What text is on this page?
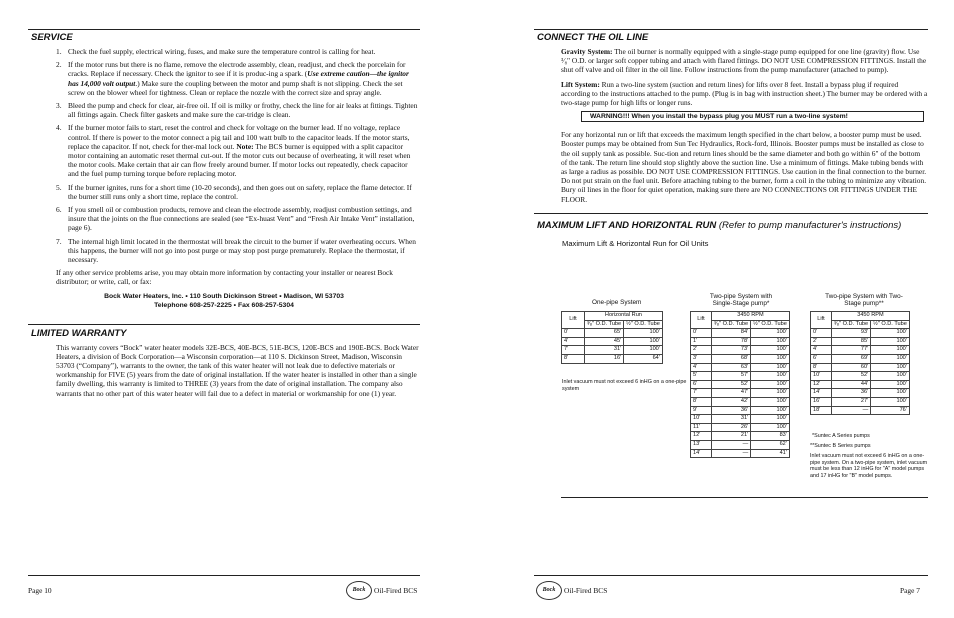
SERVICE
1. Check the fuel supply, electrical wiring, fuses, and make sure the temperature control is calling for heat.
2. If the motor runs but there is no flame, remove the electrode assembly, clean, readjust, and check the porcelain for cracks. Replace if necessary. Check the ignitor to see if it is produc-ing a spark. (Use extreme caution—the ignitor has 14,000 volt output.) Make sure the coupling between the motor and pump shaft is not slipping. Check the set screw on the blower wheel for tightness. Clean or replace the nozzle with the correct size and spray angle.
3. Bleed the pump and check for clear, air-free oil. If oil is milky or frothy, check the line for air leaks at fittings. Tighten all fittings again. Check filter gaskets and make sure the car-tridge is clean.
4. If the burner motor fails to start, reset the control and check for voltage on the burner lead. If no voltage, replace control. If there is power to the motor connect a pig tail and 100 watt bulb to the capacitor leads. If the motor starts, replace the capacitor. If not, check for ther-mal lock out. Note: The BCS burner is equipped with a split capacitor motor containing an automatic reset thermal cut-out. If the motor cuts out because of overheating, it will reset when the motor cools. Make certain that air can flow freely around burner. If motor locks out repeatedly, check capacitor and the fuel pump turning torque before replacing motor.
5. If the burner ignites, runs for a short time (10-20 seconds), and then goes out on safety, replace the flame detector. If the burner still runs only a short time, replace the control.
6. If you smell oil or combustion products, remove and clean the electrode assembly, readjust combustion settings, and insure that the joints on the flue connections are sealed (see “Ex-huast Vent” and “Fresh Air Intake Vent” installation, page 6).
7. The internal high limit located in the thermostat will break the circuit to the burner if water overheating occurs. When this happens, the burner will not go into post purge or may stop post purge prematurely. Replace the thermostat, if necessary.

If any other service problems arise, you may obtain more information by contacting your installer or nearest Bock distributor; or write, call, or fax:

Bock Water Heaters, Inc. • 110 South Dickinson Street • Madison, WI 53703
Telephone 608-257-2225 • Fax 608-257-5304
LIMITED WARRANTY

This warranty covers “Bock” water heater models 32E-BCS, 40E-BCS, 51E-BCS, 120E-BCS and 190E-BCS. Bock Water Heaters, a division of Bock Corporation—a Wisconsin corporation—at 110 S. Dickinson Street, Madison, Wisconsin 53703 (“Company”), warrants to the owner, the tank of this water heater will not leak due to defective materials or workmanship for FIVE (5) years from the date of original installation. If the water heater is installed in other than a single family dwelling, this warranty is limited to THREE (3) years from the date of original installation. The company also warrants that no other part of this water heater will fail due to a defect in material or workmanship for one (1) year.

Page 10	Bock	Oil-Fired BCS
CONNECT THE OIL LINE

Gravity System: The oil burner is normally equipped with a single-stage pump equipped for one line (gravity) flow. Use ³⁄₈" O.D. or larger soft copper tubing and attach with flared fittings. DO NOT USE COMPRESSION FITTINGS. Install the shut off valve and oil filter in the oil line. Follow instructions from the pump manufacturer (attached to pump).

Lift System: Run a two-line system (suction and return lines) for lifts over 8 feet. Install a bypass plug if required according to the instructions attached to the pump. (Plug is in bag with instruction sheet.) The burner may be ordered with a two-stage pump for high lifts or longer runs.

WARNING!!! When you install the bypass plug you MUST run a two-line system!

For any horizontal run or lift that exceeds the maximum length specified in the chart below, a booster pump must be used. Booster pumps may be obtained from Sun Tec Hydraulics, Rock-ford, Illinois. Booster pumps must be installed as close to the oil supply tank as possible. Suc-tion and return lines should be the same diameter and both go within 6" of the bottom of the tank. The return line should stop slightly above the suction line. Use a minimum of fittings. Make tubing bends with as large a radius as possible. DO NOT USE COMPRESSION FITTINGS. Use caution in the final connection to the burner. Do not put strain on the fuel unit. Before attaching tubing to the burner, form a coil in the tubing to minimize any vibration. Bury oil lines in the floor for quiet operation, making sure there are NO CONNECTIONS OR FITTINGS UNDER THE FLOOR.

MAXIMUM LIFT AND HORIZONTAL RUN (Refer to pump manufacturer's instructions)
Maximum Lift & Horizontal Run for Oil Units
One-pipe System
Lift	Horizontal Run	
	³⁄₈" O.D. Tube	½" O.D. Tube
0'	65'	100'
4'	45'	100'
7'	31'	100'
8'	16'	64'
Inlet vacuum must not exceed 6 inHG on a one-pipe system
Two-pipe System with Single-Stage pump*
Lift	3450 RPM	
	³⁄₈" O.D. Tube	½" O.D. Tube
0'	84'	100'
1'	78'	100'
2'	73'	100'
3'	68'	100'
4'	63'	100'
5'	57'	100'
6'	52'	100'
7'	47'	100'
8'	42'	100'
9'	36'	100'
10'	31'	100'
11'	26'	100'
12'	21'	83'
13'	—	62'
14'	—	41'
Two-pipe System with Two-Stage pump**
Lift	3450 RPM	
	³⁄₈" O.D. Tube	½" O.D. Tube
0'	93'	100'
2'	85'	100'
4'	77'	100'
6'	69'	100'
8'	60'	100'
10'	52'	100'
12'	44'	100'
14'	36'	100'
16'	27'	100'
18'	—	76'
*Suntec A Series pumps
**Suntec B Series pumps
Inlet vacuum must not exceed 6 inHG on a one-pipe system. On a two-pipe system, inlet vacuum must be less than 12 inHG for "A" model pumps and 17 inHG for "B" model pumps.
Bock	Oil-Fired BCS	Page 7
